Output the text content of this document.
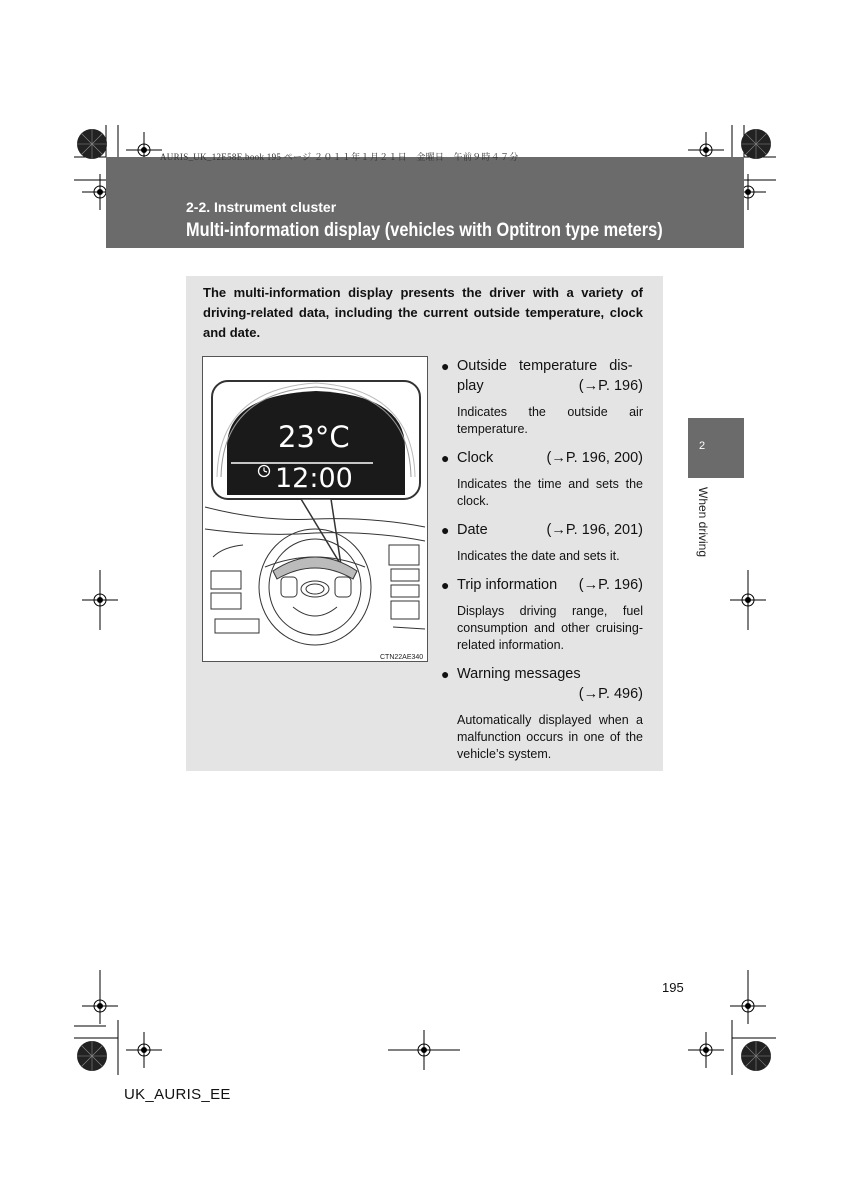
AURIS_UK_12E58E.book 195 ページ ２０１１年１月２１日　金曜日　午前９時４７分
2-2. Instrument cluster
Multi-information display (vehicles with Optitron type meters)
The multi-information display presents the driver with a variety of driving-related data, including the current outside temperature, clock and date.
23°C
12:00
CTN22AE340
● Outside temperature dis-
play	(→P. 196)
Indicates the outside air temperature.
● Clock	(→P. 196, 200)
Indicates the time and sets the clock.
● Date	(→P. 196, 201)
Indicates the date and sets it.
● Trip information (→P. 196)
Displays driving range, fuel consumption and other cruising-related information.
● Warning messages
(→P. 496)
Automatically displayed when a malfunction occurs in one of the vehicle’s system.
2
When driving
195
UK_AURIS_EE
